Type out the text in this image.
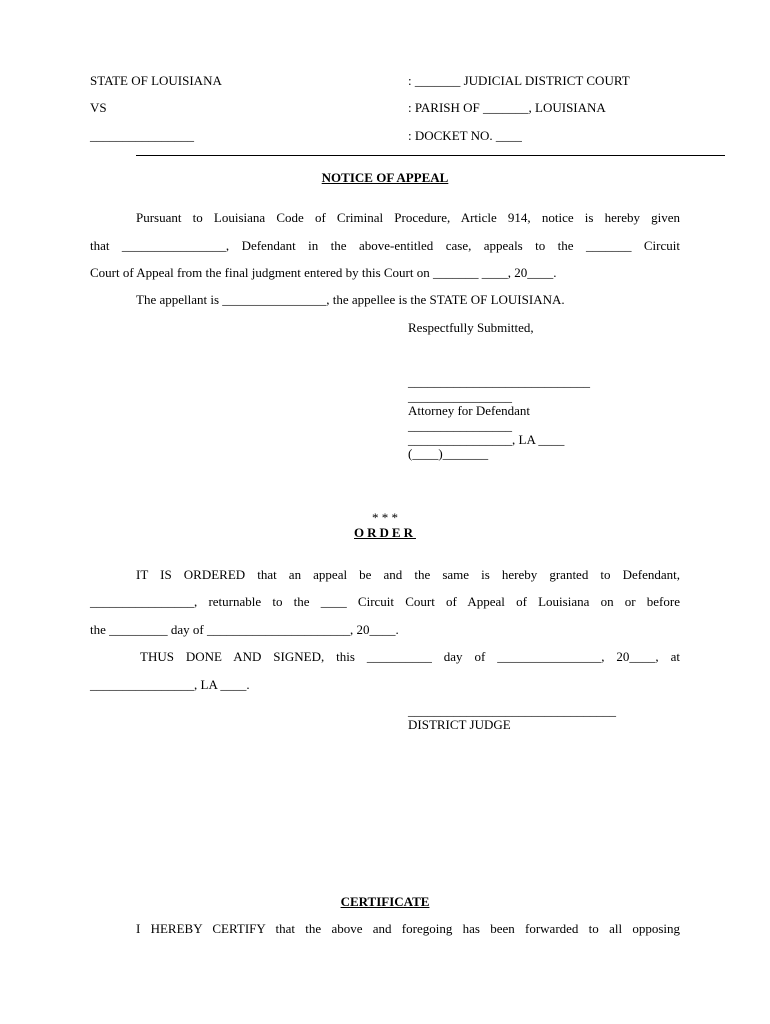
STATE OF LOUISIANA	: _______ JUDICIAL DISTRICT COURT
VS	: PARISH OF _______, LOUISIANA
________________	: DOCKET NO. ____
NOTICE OF APPEAL
Pursuant to Louisiana Code of Criminal Procedure, Article 914, notice is hereby given
that ________________, Defendant in the above-entitled case, appeals to the _______ Circuit
Court of Appeal from the final judgment entered by this Court on _______ ____, 20____.
The appellant is ________________, the appellee is the STATE OF LOUISIANA.
Respectfully Submitted,
____________________________
________________
Attorney for Defendant
________________
________________, LA ____
(____)_______
* * *
ORDER
IT IS ORDERED that an appeal be and the same is hereby granted to Defendant,
________________, returnable to the ____ Circuit Court of Appeal of Louisiana on or before
the _________ day of ______________________, 20____.
THUS DONE AND SIGNED, this __________ day of ________________, 20____, at
________________, LA ____.
________________________________
DISTRICT JUDGE
CERTIFICATE
I HEREBY CERTIFY that the above and foregoing has been forwarded to all opposing
